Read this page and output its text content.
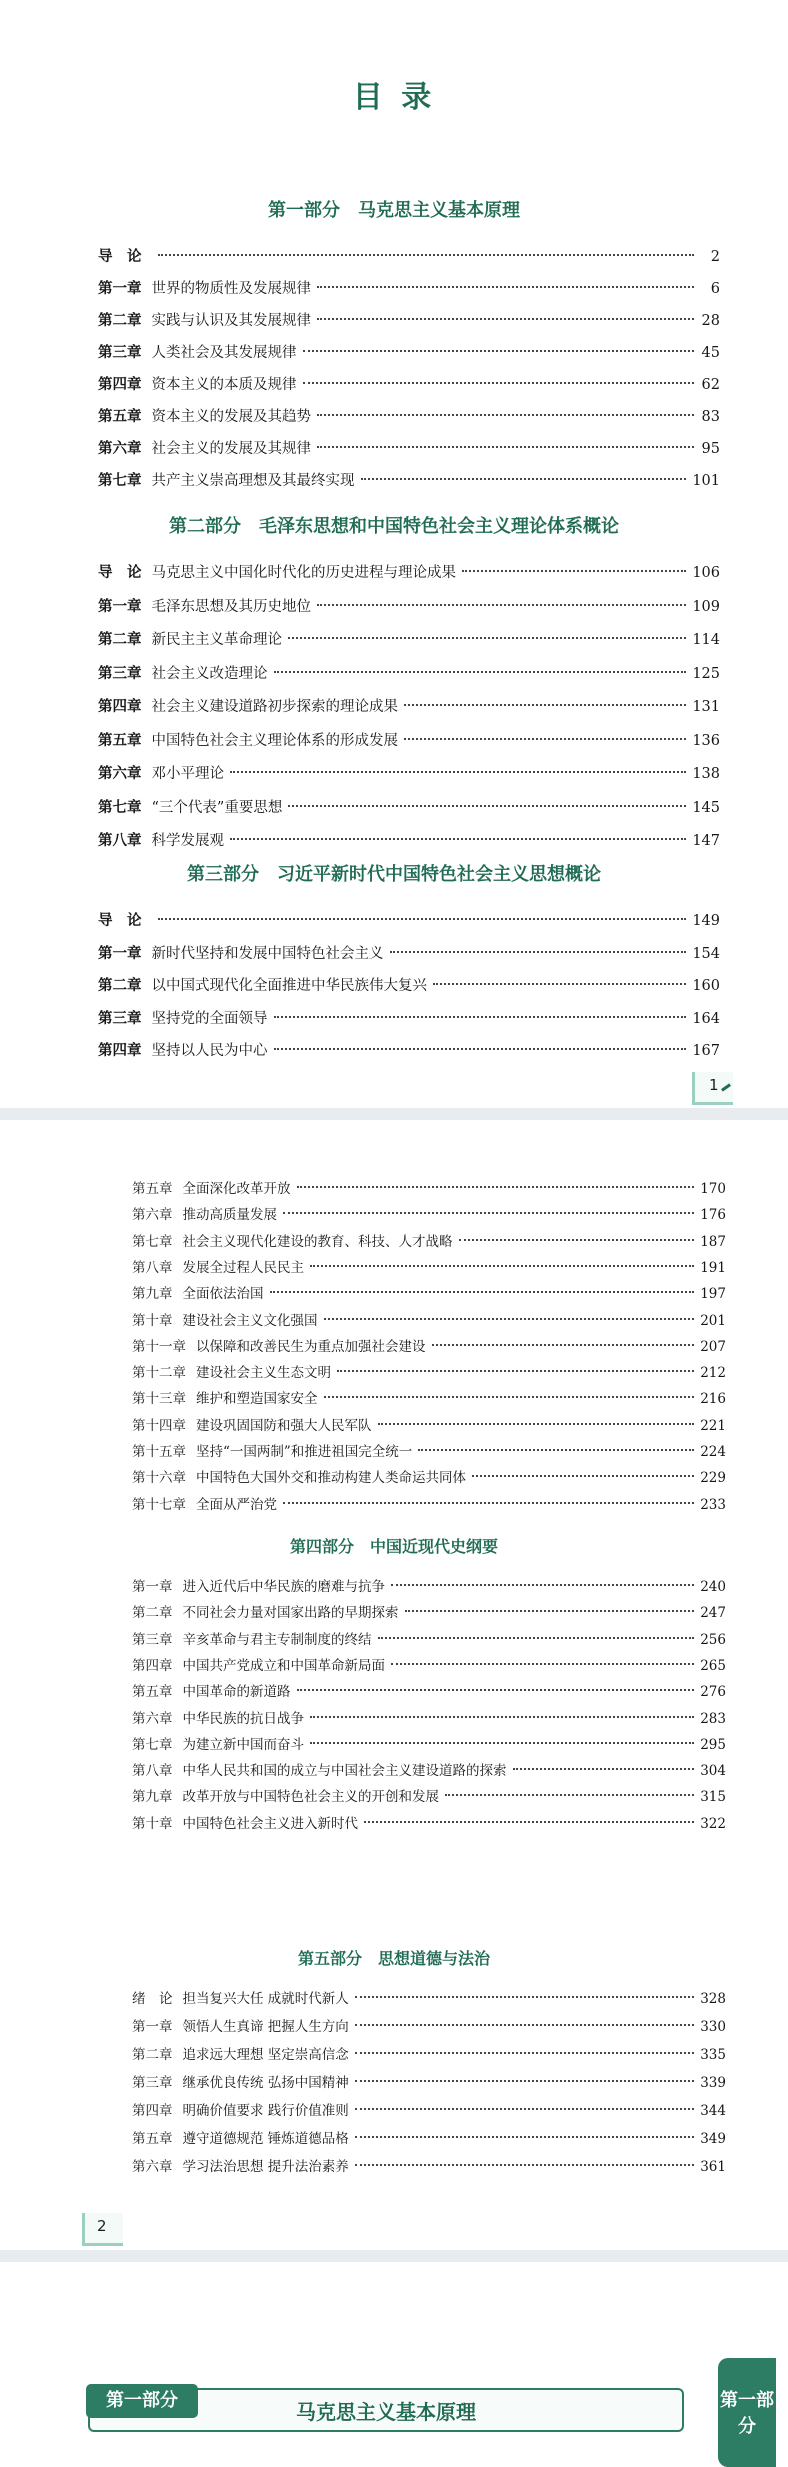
目 录
第一部分　马克思主义基本原理
导　论	2
第一章 世界的物质性及发展规律	6
第二章 实践与认识及其发展规律	28
第三章 人类社会及其发展规律	45
第四章 资本主义的本质及规律	62
第五章 资本主义的发展及其趋势	83
第六章 社会主义的发展及其规律	95
第七章 共产主义崇高理想及其最终实现	101
第二部分　毛泽东思想和中国特色社会主义理论体系概论
导　论 马克思主义中国化时代化的历史进程与理论成果	106
第一章 毛泽东思想及其历史地位	109
第二章 新民主主义革命理论	114
第三章 社会主义改造理论	125
第四章 社会主义建设道路初步探索的理论成果	131
第五章 中国特色社会主义理论体系的形成发展	136
第六章 邓小平理论	138
第七章 “三个代表”重要思想	145
第八章 科学发展观	147
第三部分　习近平新时代中国特色社会主义思想概论
导　论	149
第一章 新时代坚持和发展中国特色社会主义	154
第二章 以中国式现代化全面推进中华民族伟大复兴	160
第三章 坚持党的全面领导	164
第四章 坚持以人民为中心	167
1
第五章 全面深化改革开放	170
第六章 推动高质量发展	176
第七章 社会主义现代化建设的教育、科技、人才战略	187
第八章 发展全过程人民民主	191
第九章 全面依法治国	197
第十章 建设社会主义文化强国	201
第十一章 以保障和改善民生为重点加强社会建设	207
第十二章 建设社会主义生态文明	212
第十三章 维护和塑造国家安全	216
第十四章 建设巩固国防和强大人民军队	221
第十五章 坚持“一国两制”和推进祖国完全统一	224
第十六章 中国特色大国外交和推动构建人类命运共同体	229
第十七章 全面从严治党	233
第四部分　中国近现代史纲要
第一章 进入近代后中华民族的磨难与抗争	240
第二章 不同社会力量对国家出路的早期探索	247
第三章 辛亥革命与君主专制制度的终结	256
第四章 中国共产党成立和中国革命新局面	265
第五章 中国革命的新道路	276
第六章 中华民族的抗日战争	283
第七章 为建立新中国而奋斗	295
第八章 中华人民共和国的成立与中国社会主义建设道路的探索	304
第九章 改革开放与中国特色社会主义的开创和发展	315
第十章 中国特色社会主义进入新时代	322
第五部分　思想道德与法治
绪　论 担当复兴大任 成就时代新人	328
第一章 领悟人生真谛 把握人生方向	330
第二章 追求远大理想 坚定崇高信念	335
第三章 继承优良传统 弘扬中国精神	339
第四章 明确价值要求 践行价值准则	344
第五章 遵守道德规范 锤炼道德品格	349
第六章 学习法治思想 提升法治素养	361
2
第一部分	马克思主义基本原理	第一部分
